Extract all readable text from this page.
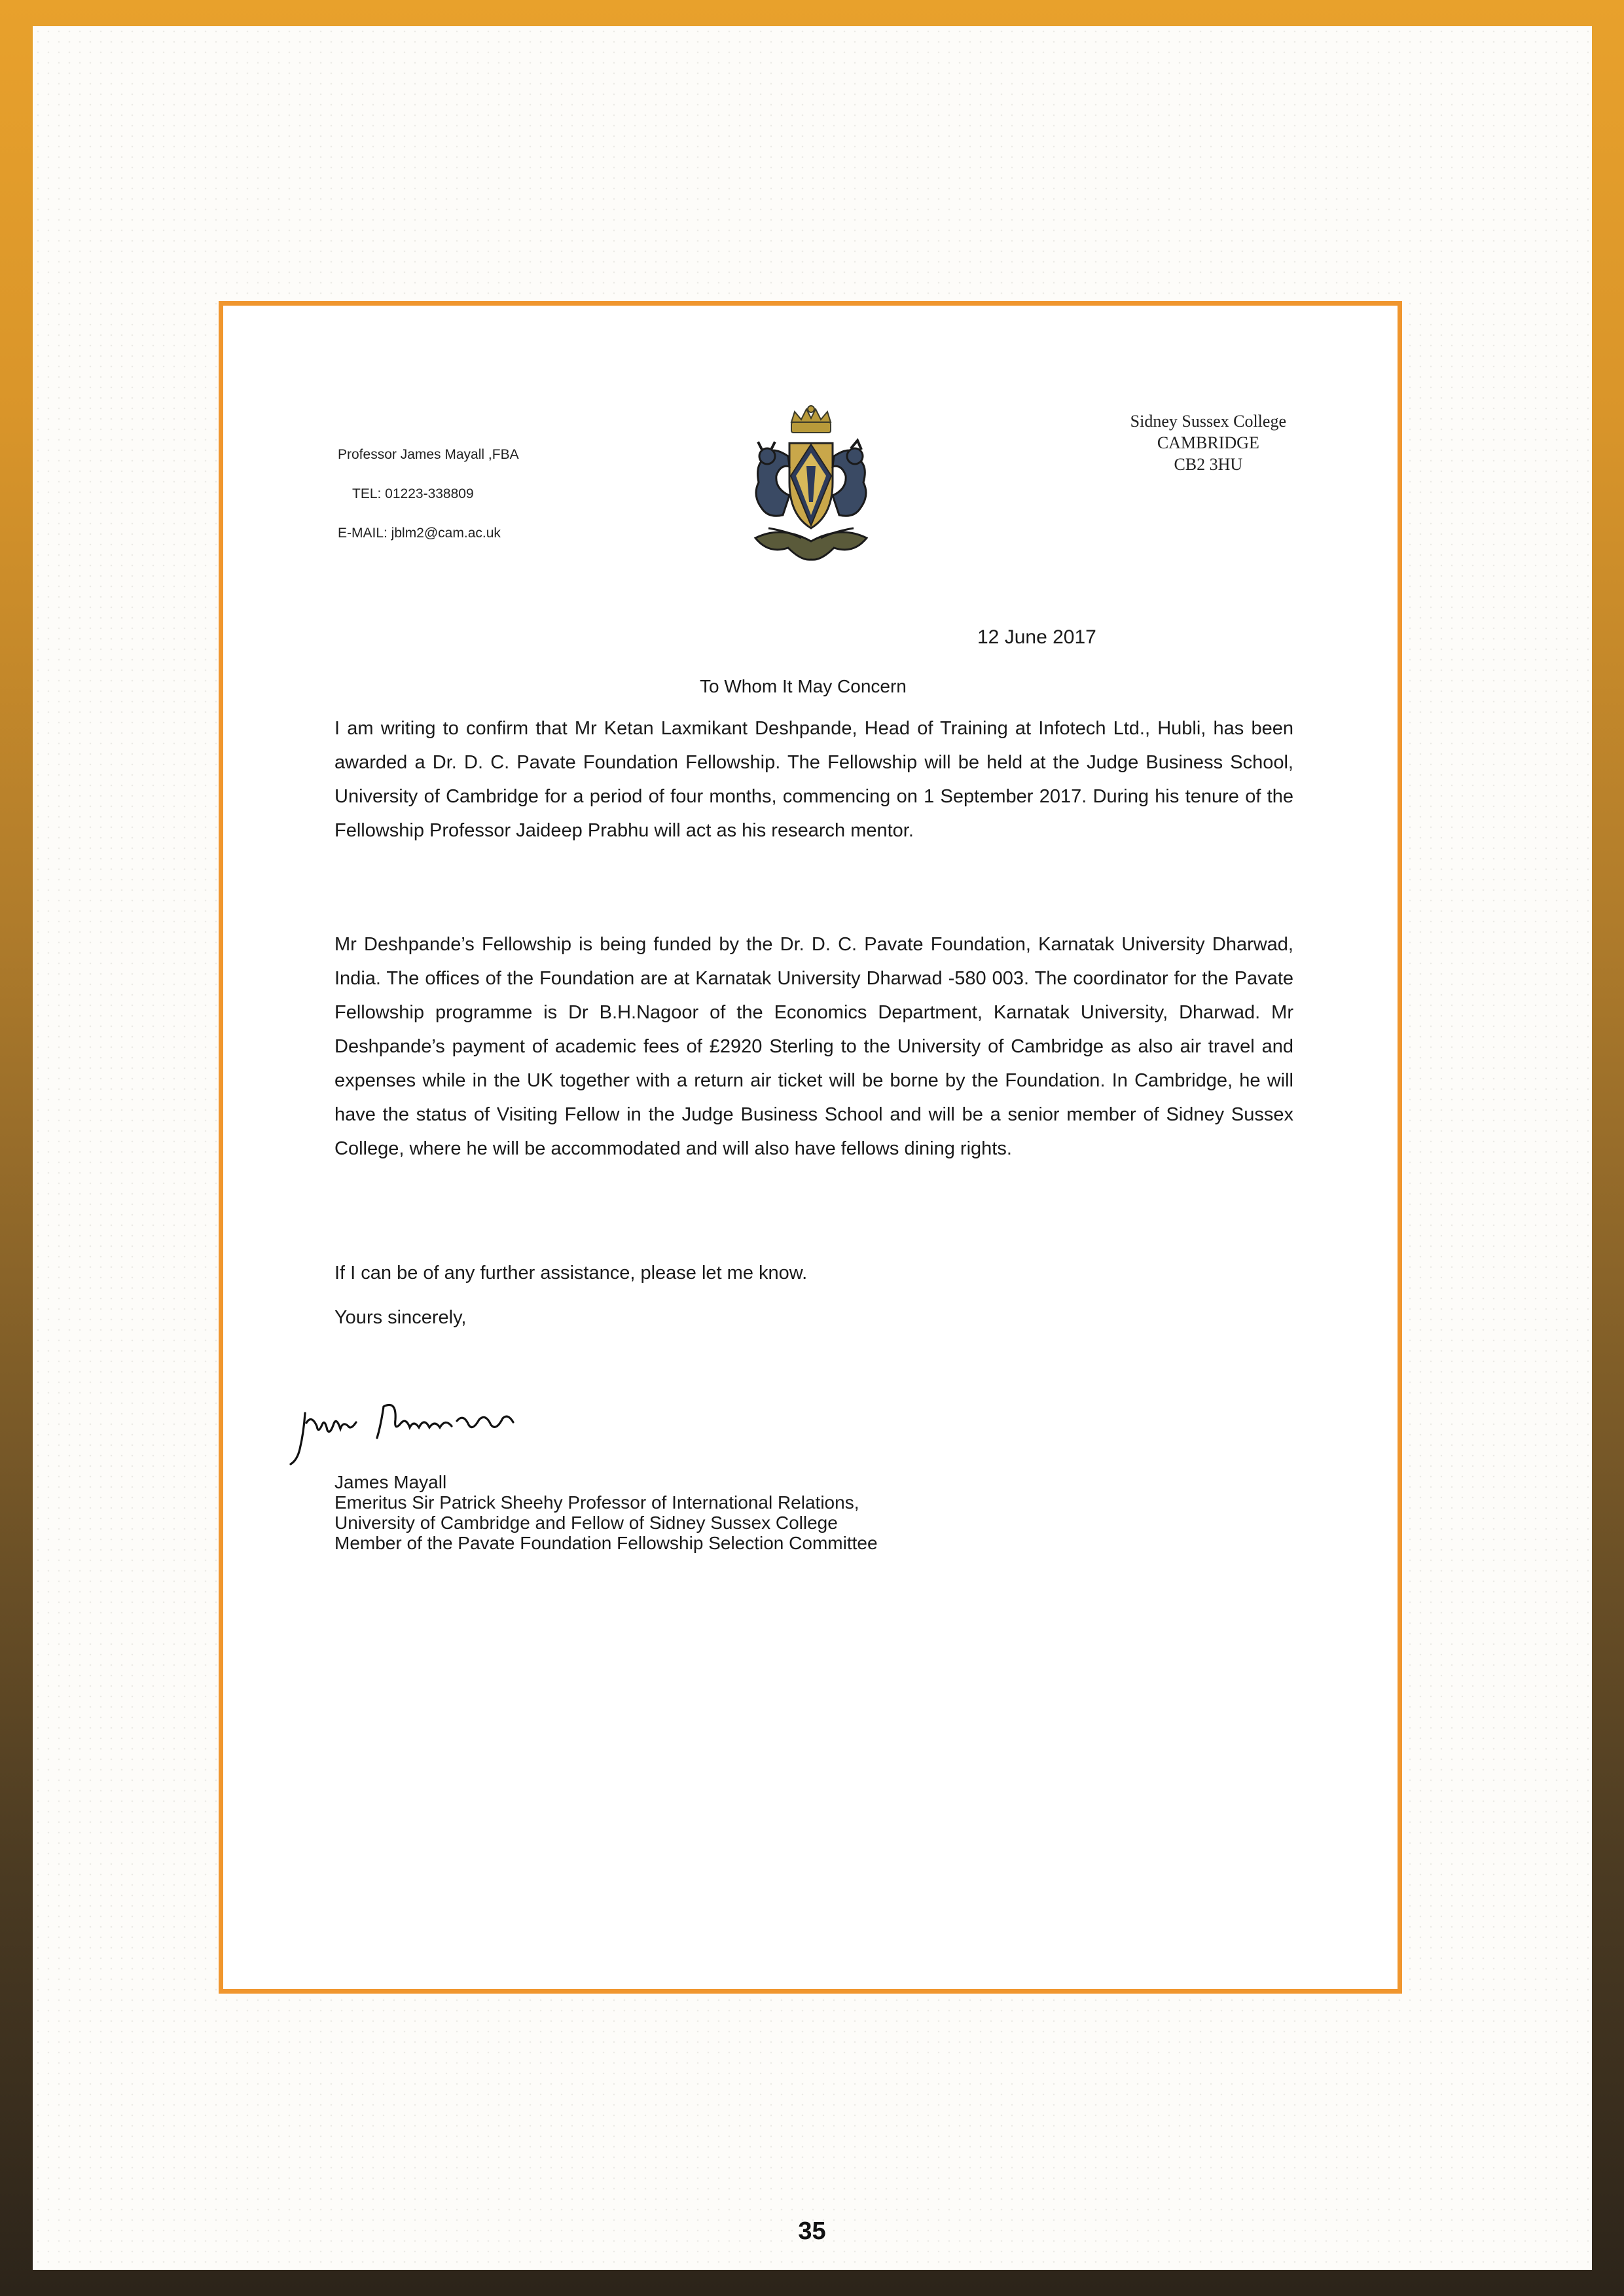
Professor James Mayall ,FBA
TEL: 01223-338809
E-MAIL: jblm2@cam.ac.uk
Sidney Sussex College
CAMBRIDGE
CB2 3HU
12 June 2017
To Whom It May Concern

I am writing to confirm that Mr Ketan Laxmikant Deshpande, Head of Training at Infotech Ltd., Hubli, has been awarded a Dr. D. C. Pavate Foundation Fellowship. The Fellowship will be held at the Judge Business School, University of Cambridge for a period of four months, commencing on 1 September 2017. During his tenure of the Fellowship Professor Jaideep Prabhu will act as his research mentor.

Mr Deshpande’s Fellowship is being funded by the Dr. D. C. Pavate Foundation, Karnatak University Dharwad, India. The offices of the Foundation are at Karnatak University Dharwad -580 003. The coordinator for the Pavate Fellowship programme is Dr B.H.Nagoor of the Economics Department, Karnatak University, Dharwad. Mr Deshpande’s payment of academic fees of £2920 Sterling to the University of Cambridge as also air travel and expenses while in the UK together with a return air ticket will be borne by the Foundation. In Cambridge, he will have the status of Visiting Fellow in the Judge Business School and will be a senior member of Sidney Sussex College, where he will be accommodated and will also have fellows dining rights.

If I can be of any further assistance, please let me know.

Yours sincerely,

James Mayall
Emeritus Sir Patrick Sheehy Professor of International Relations,
University of Cambridge and Fellow of Sidney Sussex College
Member of the Pavate Foundation Fellowship Selection Committee
35
